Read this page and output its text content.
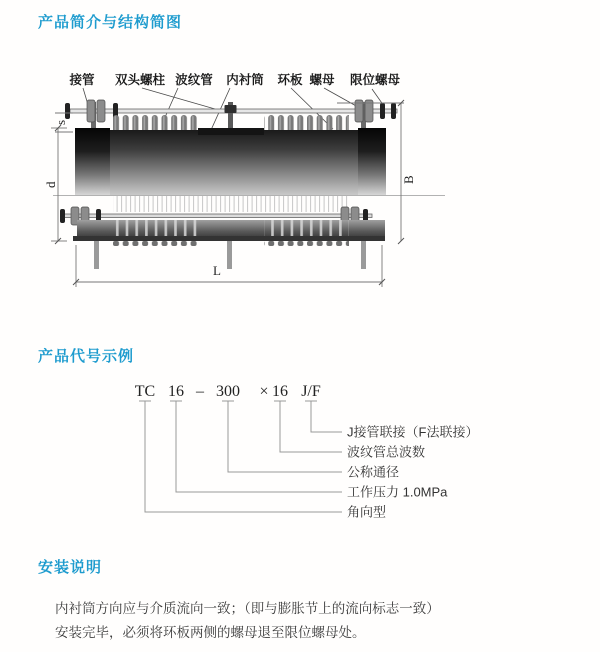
产品简介与结构简图
接管 双头螺柱 波纹管 内衬筒 环板 螺母 限位螺母
s
d
B
L
产品代号示例
TC 16 – 300 × 16 J/F
J接管联接（F法联接）
波纹管总波数
公称通径
工作压力 1.0MPa
角向型
安装说明
内衬筒方向应与介质流向一致；（即与膨胀节上的流向标志一致）
安装完毕，必须将环板两侧的螺母退至限位螺母处。
